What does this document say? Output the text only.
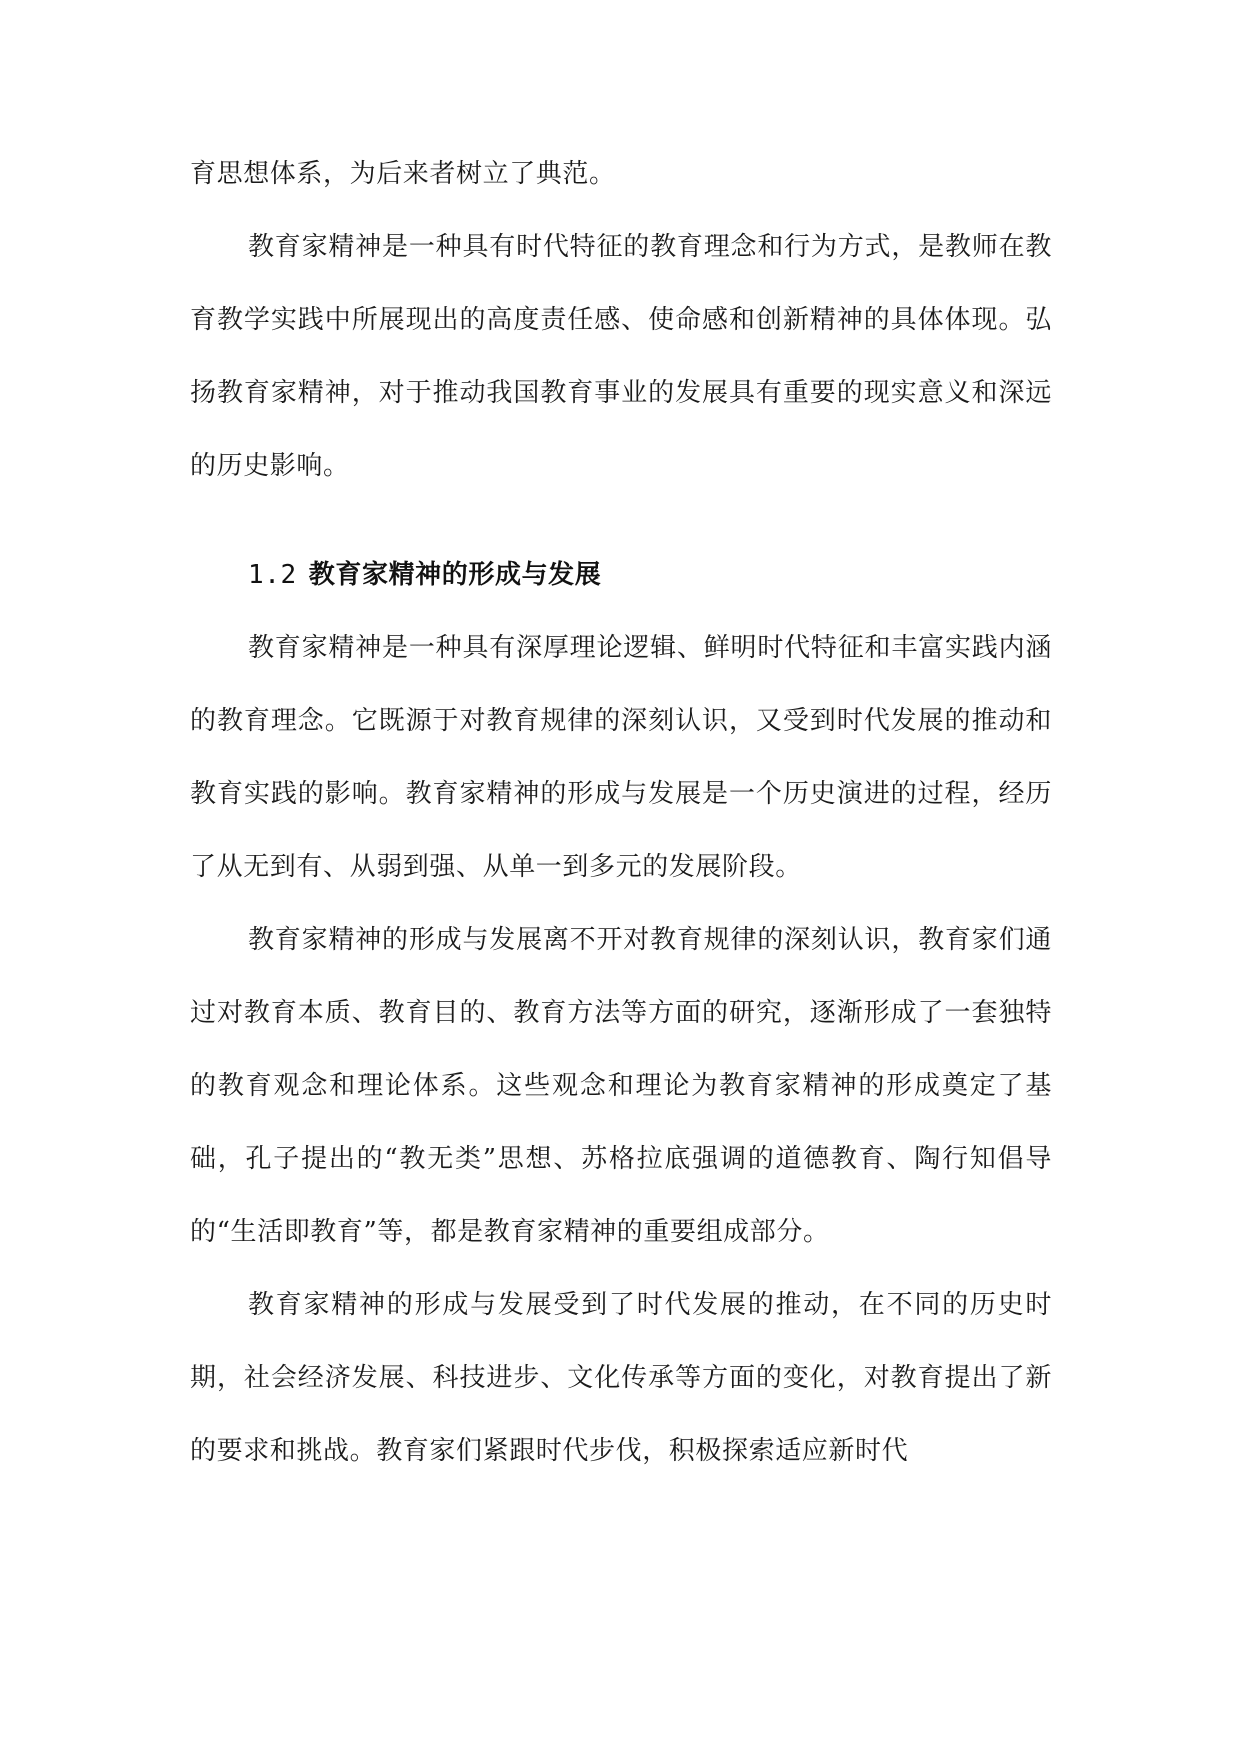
育思想体系，为后来者树立了典范。

教育家精神是一种具有时代特征的教育理念和行为方式，是教师在教育教学实践中所展现出的高度责任感、使命感和创新精神的具体体现。弘扬教育家精神，对于推动我国教育事业的发展具有重要的现实意义和深远的历史影响。

1.2 教育家精神的形成与发展

教育家精神是一种具有深厚理论逻辑、鲜明时代特征和丰富实践内涵的教育理念。它既源于对教育规律的深刻认识，又受到时代发展的推动和教育实践的影响。教育家精神的形成与发展是一个历史演进的过程，经历了从无到有、从弱到强、从单一到多元的发展阶段。

教育家精神的形成与发展离不开对教育规律的深刻认识，教育家们通过对教育本质、教育目的、教育方法等方面的研究，逐渐形成了一套独特的教育观念和理论体系。这些观念和理论为教育家精神的形成奠定了基础，孔子提出的“教无类”思想、苏格拉底强调的道德教育、陶行知倡导的“生活即教育”等，都是教育家精神的重要组成部分。

教育家精神的形成与发展受到了时代发展的推动，在不同的历史时期，社会经济发展、科技进步、文化传承等方面的变化，对教育提出了新的要求和挑战。教育家们紧跟时代步伐，积极探索适应新时代
